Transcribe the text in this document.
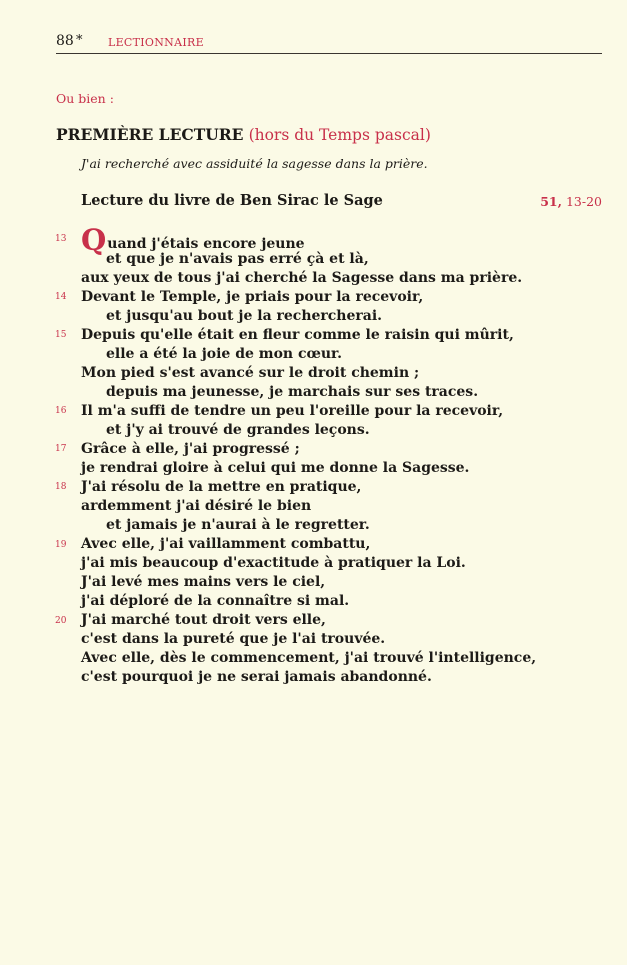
88 * LECTIONNAIRE
Ou bien :
PREMIÈRE LECTURE (hors du Temps pascal)
J'ai recherché avec assiduité la sagesse dans la prière.
Lecture du livre de Ben Sirac le Sage	51, 13-20
13
14
15
16
17
18
19
20
Quand j'étais encore jeune
et que je n'avais pas erré çà et là,
aux yeux de tous j'ai cherché la Sagesse dans ma prière.
Devant le Temple, je priais pour la recevoir,
et jusqu'au bout je la rechercherai.
Depuis qu'elle était en fleur comme le raisin qui mûrit,
elle a été la joie de mon cœur.
Mon pied s'est avancé sur le droit chemin ;
depuis ma jeunesse, je marchais sur ses traces.
Il m'a suffi de tendre un peu l'oreille pour la recevoir,
et j'y ai trouvé de grandes leçons.
Grâce à elle, j'ai progressé ;
je rendrai gloire à celui qui me donne la Sagesse.
J'ai résolu de la mettre en pratique,
ardemment j'ai désiré le bien
et jamais je n'aurai à le regretter.
Avec elle, j'ai vaillamment combattu,
j'ai mis beaucoup d'exactitude à pratiquer la Loi.
J'ai levé mes mains vers le ciel,
j'ai déploré de la connaître si mal.
J'ai marché tout droit vers elle,
c'est dans la pureté que je l'ai trouvée.
Avec elle, dès le commencement, j'ai trouvé l'intelligence,
c'est pourquoi je ne serai jamais abandonné.
